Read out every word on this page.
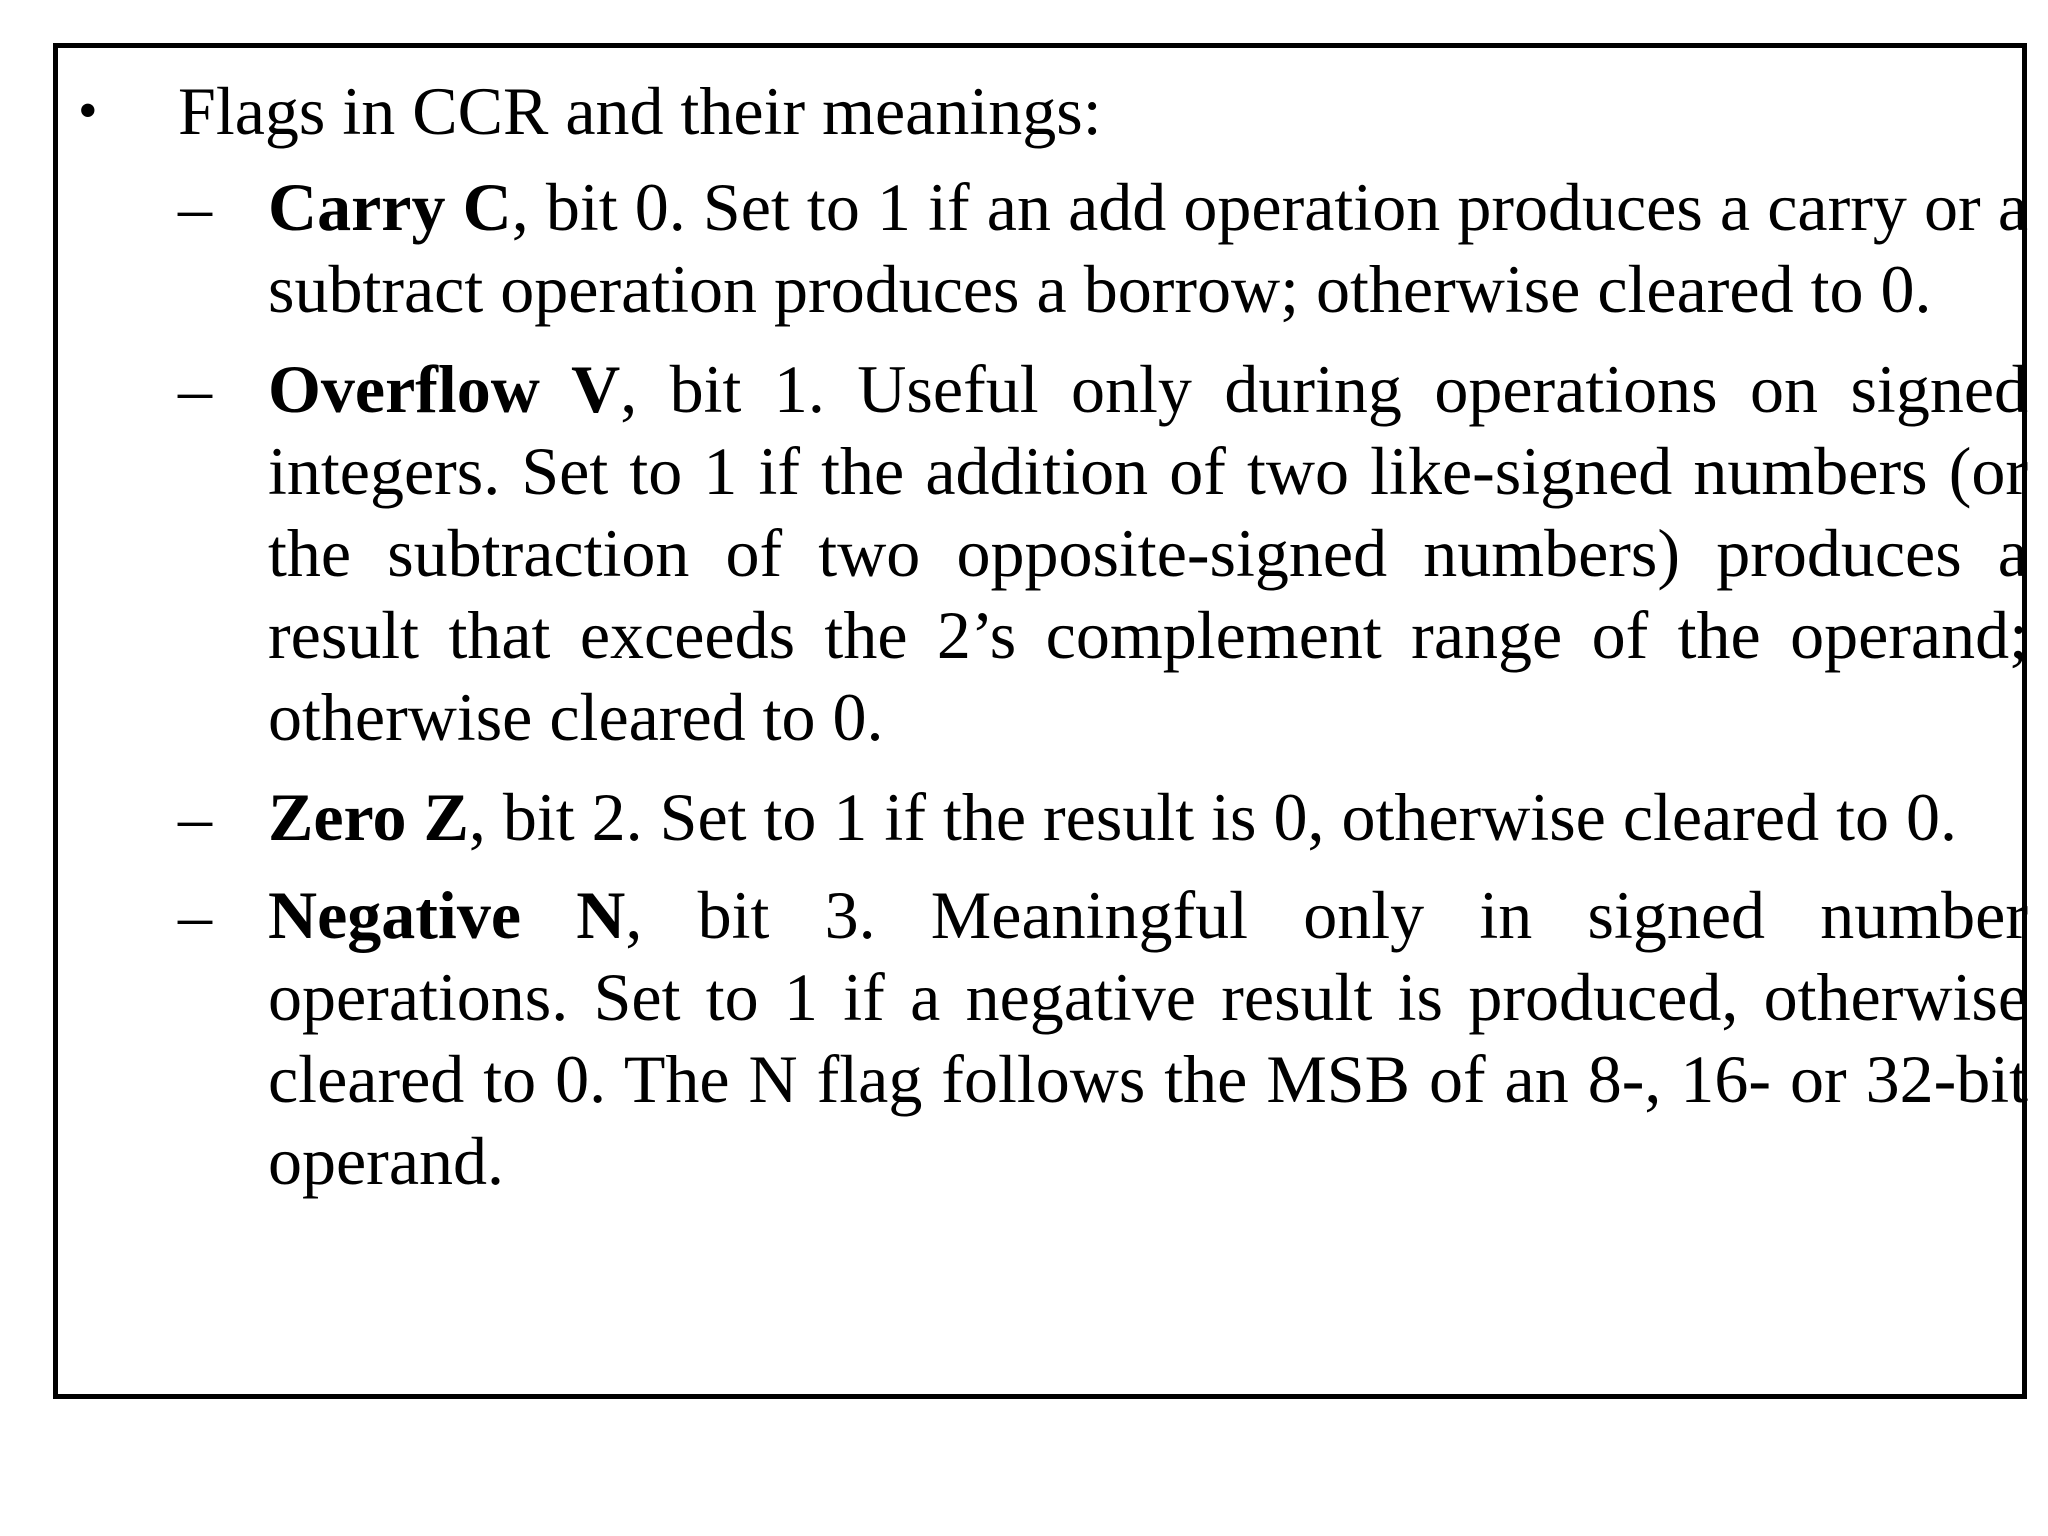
•	Flags in CCR and their meanings:
– Carry C, bit 0. Set to 1 if an add operation produces a carry or a subtract operation produces a borrow; otherwise cleared to 0.
– Overflow V, bit 1. Useful only during operations on signed integers. Set to 1 if the addition of two like-signed numbers (or the subtraction of two opposite-signed numbers) produces a result that exceeds the 2’s complement range of the operand; otherwise cleared to 0.
– Zero Z, bit 2. Set to 1 if the result is 0, otherwise cleared to 0.
– Negative N, bit 3. Meaningful only in signed number operations. Set to 1 if a negative result is produced, otherwise cleared to 0. The N flag follows the MSB of an 8-, 16- or 32-bit operand.
